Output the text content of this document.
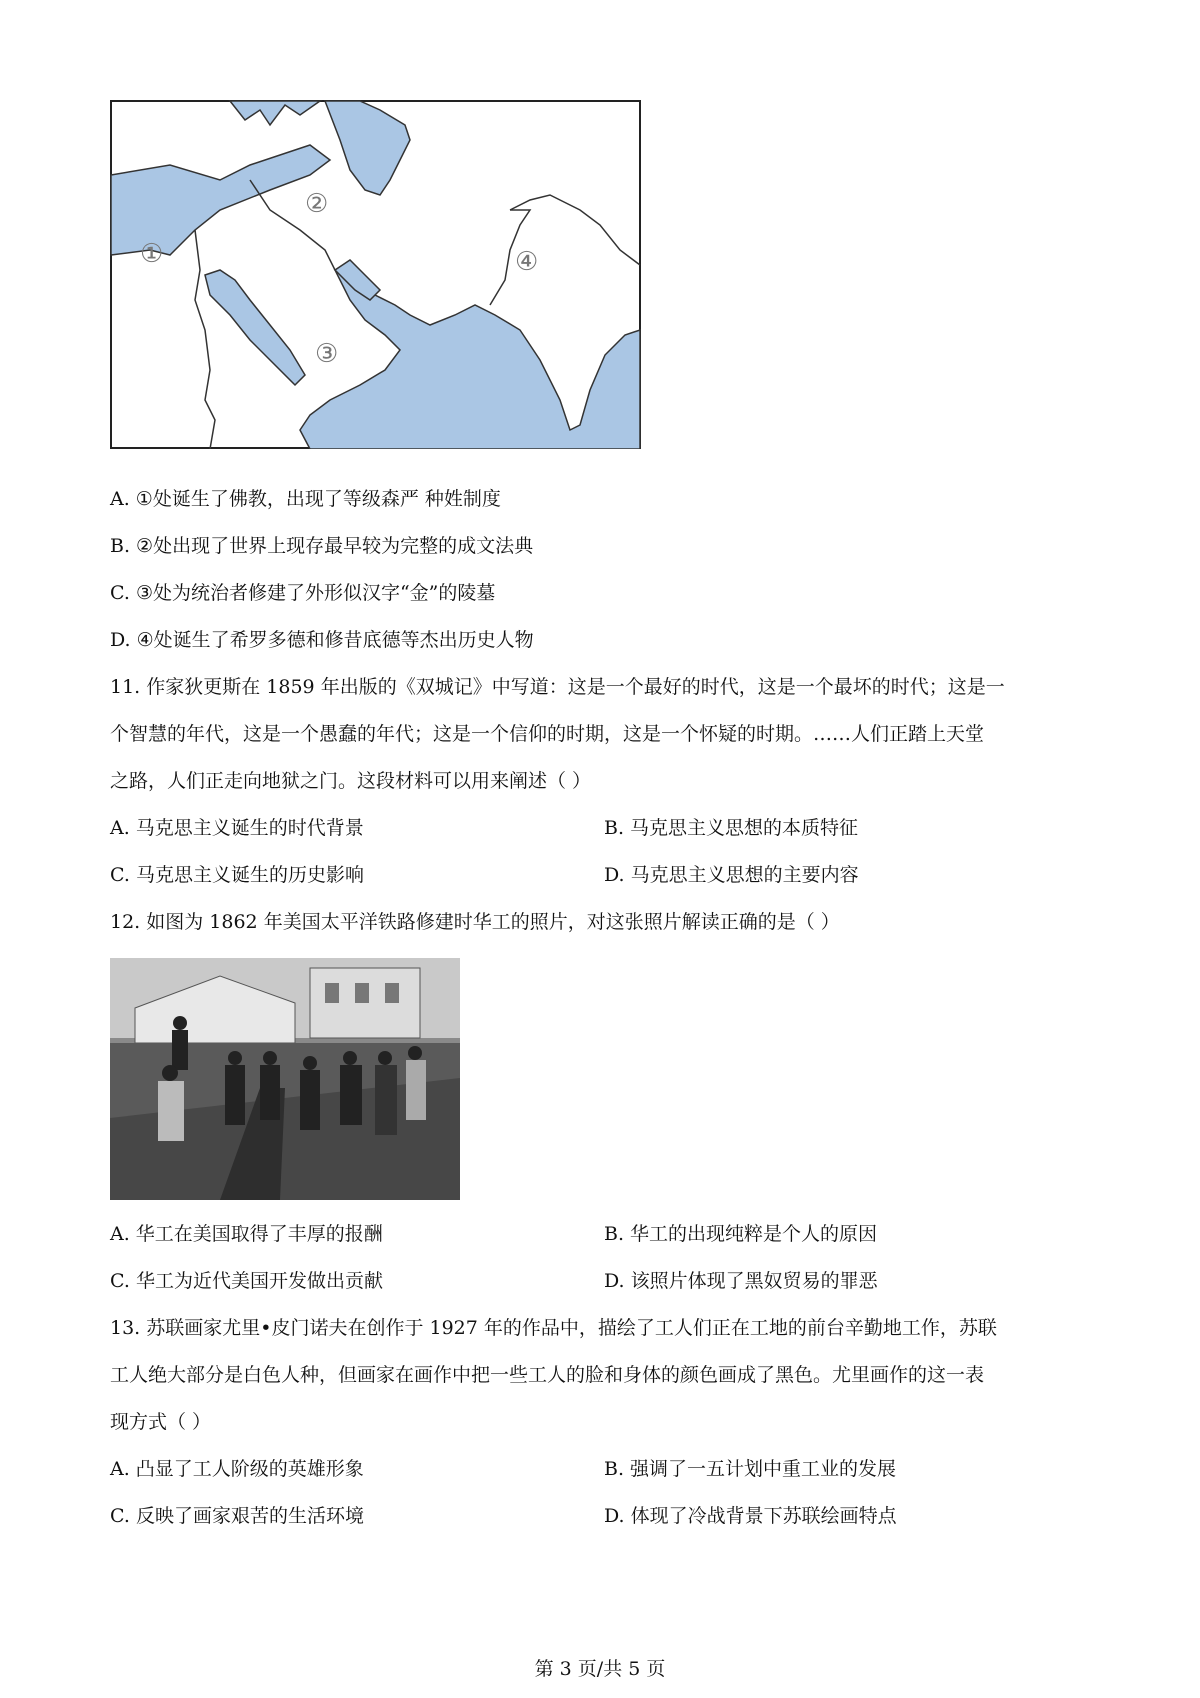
①
②
③
④
A. ①处诞生了佛教，出现了等级森严 种姓制度
B. ②处出现了世界上现存最早较为完整的成文法典
C. ③处为统治者修建了外形似汉字“金”的陵墓
D. ④处诞生了希罗多德和修昔底德等杰出历史人物
11. 作家狄更斯在 1859 年出版的《双城记》中写道：这是一个最好的时代，这是一个最坏的时代；这是一
个智慧的年代，这是一个愚蠢的年代；这是一个信仰的时期，这是一个怀疑的时期。……人们正踏上天堂
之路，人们正走向地狱之门。这段材料可以用来阐述（ ）
A. 马克思主义诞生的时代背景	B. 马克思主义思想的本质特征
C. 马克思主义诞生的历史影响	D. 马克思主义思想的主要内容
12. 如图为 1862 年美国太平洋铁路修建时华工的照片，对这张照片解读正确的是（ ）
A. 华工在美国取得了丰厚的报酬	B. 华工的出现纯粹是个人的原因
C. 华工为近代美国开发做出贡献	D. 该照片体现了黑奴贸易的罪恶
13. 苏联画家尤里•皮门诺夫在创作于 1927 年的作品中，描绘了工人们正在工地的前台辛勤地工作，苏联
工人绝大部分是白色人种，但画家在画作中把一些工人的脸和身体的颜色画成了黑色。尤里画作的这一表
现方式（ ）
A. 凸显了工人阶级的英雄形象	B. 强调了一五计划中重工业的发展
C. 反映了画家艰苦的生活环境	D. 体现了冷战背景下苏联绘画特点
第 3 页/共 5 页
